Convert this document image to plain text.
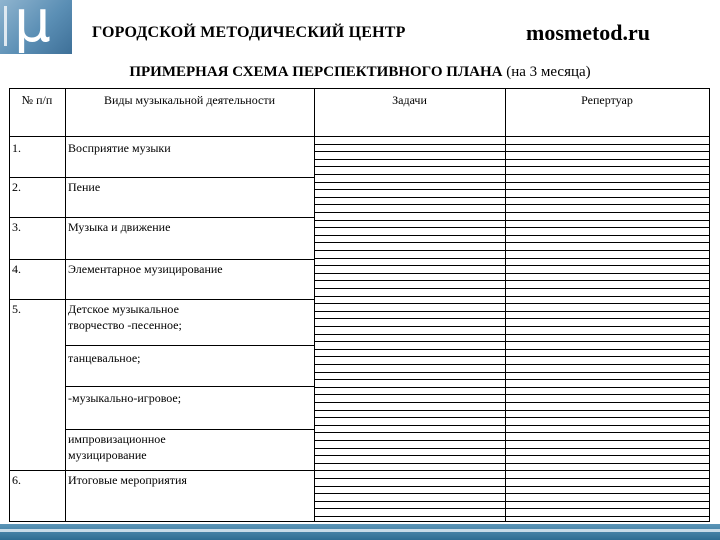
μ	ГОРОДСКОЙ МЕТОДИЧЕСКИЙ ЦЕНТР	mosmetod.ru
ПРИМЕРНАЯ СХЕМА ПЕРСПЕКТИВНОГО ПЛАНА (на 3 месяца)
№ п/п	Виды музыкальной деятельности	Задачи	Репертуар
1.	Восприятие музыки
2.	Пение
3.	Музыка и движение
4.	Элементарное музицирование
5.	Детское музыкальное творчество -песенное;
танцевальное;
-музыкально-игровое;
импровизационное музицирование
6.	Итоговые мероприятия
